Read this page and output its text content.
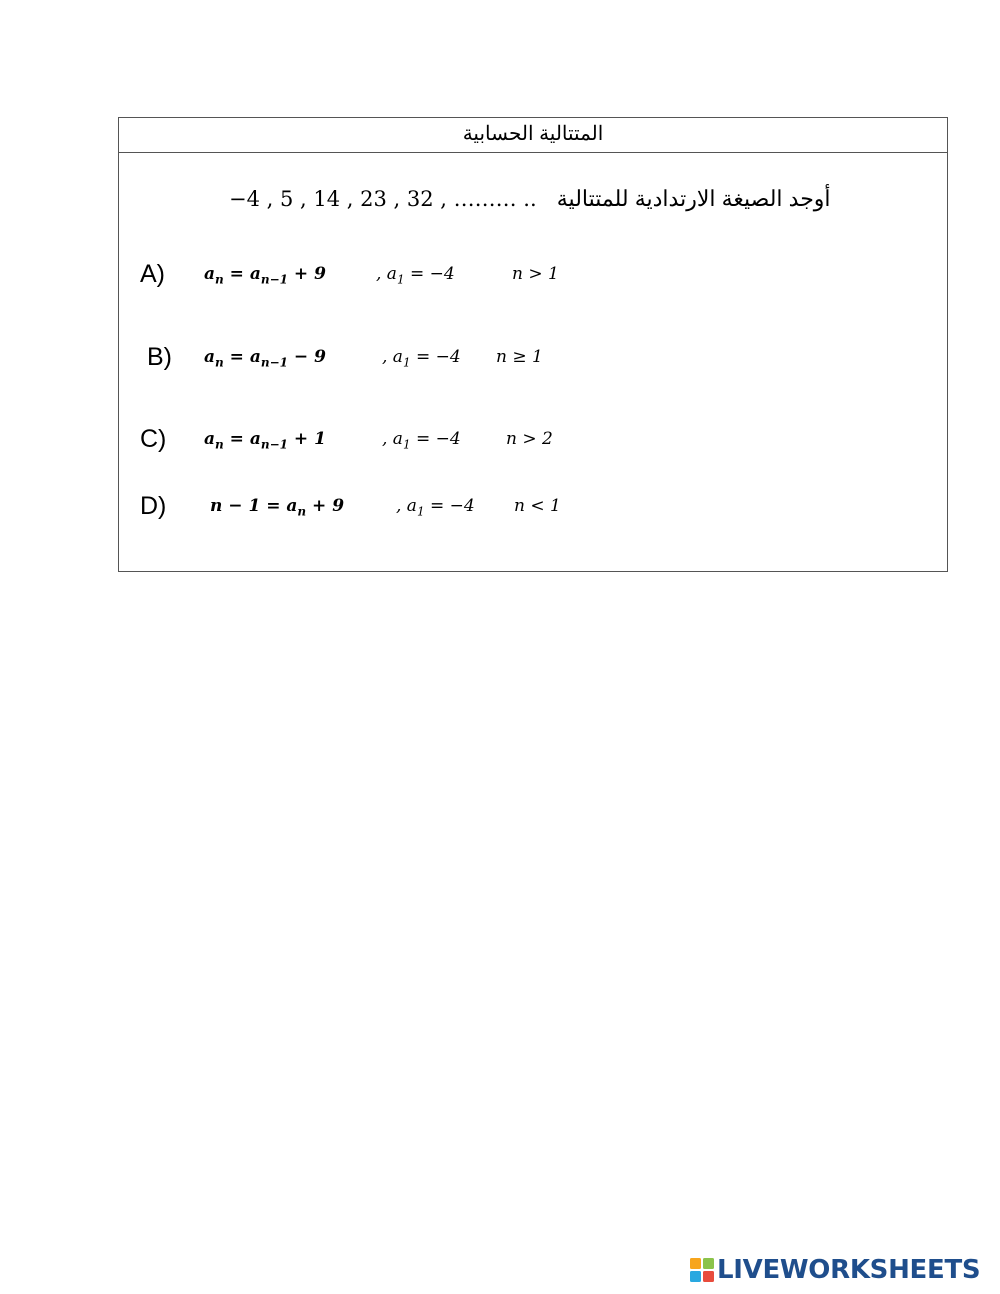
المتتالية الحسابية
−4 , 5 , 14 , 23 , 32 , ……… .. أوجد الصيغة الارتدادية للمتتالية
A) $a_n = a_{n-1} + 9$	, $a_1 = -4$	n > 1
B) $a_n = a_{n-1} - 9$	, $a_1 = -4$ n ≥ 1
C) $a_n = a_{n-1} + 1$	, $a_1 = -4$	n > 2
D)	$n - 1 = a_n + 9$	, $a_1 = -4$ n < 1
LIVEWORKSHEETS
